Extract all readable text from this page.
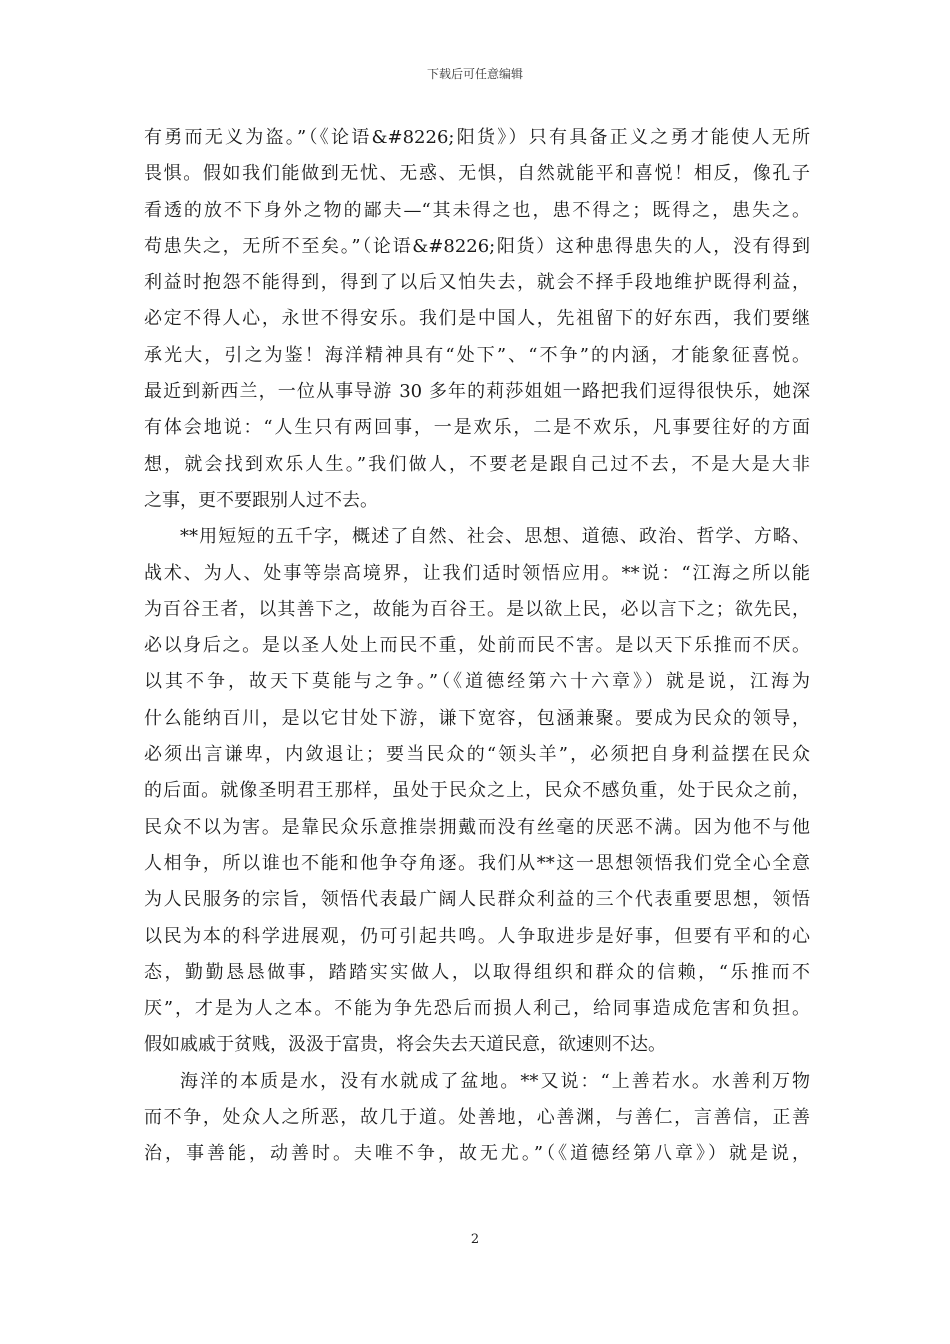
下载后可任意编辑
有勇而无义为盗。”（《论语&#8226;阳货》）只有具备正义之勇才能使人无所
畏惧。假如我们能做到无忧、无惑、无惧，自然就能平和喜悦！相反，像孔子
看透的放不下身外之物的鄙夫—“其未得之也，患不得之；既得之，患失之。
苟患失之，无所不至矣。”（论语&#8226;阳货）这种患得患失的人，没有得到
利益时抱怨不能得到，得到了以后又怕失去，就会不择手段地维护既得利益，
必定不得人心，永世不得安乐。我们是中国人，先祖留下的好东西，我们要继
承光大，引之为鉴！海洋精神具有“处下”、“不争”的内涵，才能象征喜悦。
最近到新西兰，一位从事导游 30 多年的莉莎姐姐一路把我们逗得很快乐，她深
有体会地说：“人生只有两回事，一是欢乐，二是不欢乐，凡事要往好的方面
想，就会找到欢乐人生。”我们做人，不要老是跟自己过不去，不是大是大非
之事，更不要跟别人过不去。
**用短短的五千字，概述了自然、社会、思想、道德、政治、哲学、方略、
战术、为人、处事等崇高境界，让我们适时领悟应用。**说：“江海之所以能
为百谷王者，以其善下之，故能为百谷王。是以欲上民，必以言下之；欲先民，
必以身后之。是以圣人处上而民不重，处前而民不害。是以天下乐推而不厌。
以其不争，故天下莫能与之争。”（《道德经第六十六章》）就是说，江海为
什么能纳百川，是以它甘处下游，谦下宽容，包涵兼聚。要成为民众的领导，
必须出言谦卑，内敛退让；要当民众的“领头羊”，必须把自身利益摆在民众
的后面。就像圣明君王那样，虽处于民众之上，民众不感负重，处于民众之前，
民众不以为害。是靠民众乐意推崇拥戴而没有丝毫的厌恶不满。因为他不与他
人相争，所以谁也不能和他争夺角逐。我们从**这一思想领悟我们党全心全意
为人民服务的宗旨，领悟代表最广阔人民群众利益的三个代表重要思想，领悟
以民为本的科学进展观，仍可引起共鸣。人争取进步是好事，但要有平和的心
态，勤勤恳恳做事，踏踏实实做人，以取得组织和群众的信赖，“乐推而不
厌”，才是为人之本。不能为争先恐后而损人利己，给同事造成危害和负担。
假如戚戚于贫贱，汲汲于富贵，将会失去天道民意，欲速则不达。
海洋的本质是水，没有水就成了盆地。**又说：“上善若水。水善利万物
而不争，处众人之所恶，故几于道。处善地，心善渊，与善仁，言善信，正善
治，事善能，动善时。夫唯不争，故无尤。”（《道德经第八章》）就是说，
2
